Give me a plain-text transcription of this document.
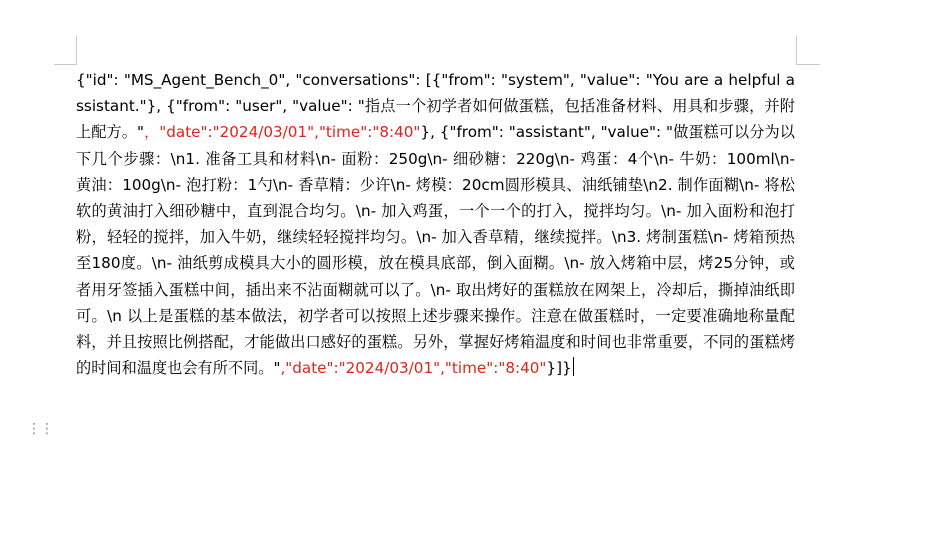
⋮⋮
{"id": "MS_Agent_Bench_0", "conversations": [{"from": "system", "value": "You are a helpful assistant."}, {"from": "user", "value": "指点一个初学者如何做蛋糕，包括准备材料、用具和步骤，并附上配方。"，"date":"2024/03/01","time":"8:40"}, {"from": "assistant", "value": "做蛋糕可以分为以下几个步骤：\n1. 准备工具和材料\n- 面粉：250g\n- 细砂糖：220g\n- 鸡蛋：4个\n- 牛奶：100ml\n- 黄油：100g\n- 泡打粉：1勺\n- 香草精：少许\n- 烤模：20cm圆形模具、油纸铺垫\n2. 制作面糊\n- 将松软的黄油打入细砂糖中，直到混合均匀。\n- 加入鸡蛋，一个一个的打入，搅拌均匀。\n- 加入面粉和泡打粉，轻轻的搅拌，加入牛奶，继续轻轻搅拌均匀。\n- 加入香草精，继续搅拌。\n3. 烤制蛋糕\n- 烤箱预热至180度。\n- 油纸剪成模具大小的圆形模，放在模具底部，倒入面糊。\n- 放入烤箱中层，烤25分钟，或者用牙签插入蛋糕中间，插出来不沾面糊就可以了。\n- 取出烤好的蛋糕放在网架上，冷却后，撕掉油纸即可。\n 以上是蛋糕的基本做法，初学者可以按照上述步骤来操作。注意在做蛋糕时，一定要准确地称量配料，并且按照比例搭配，才能做出口感好的蛋糕。另外，掌握好烤箱温度和时间也非常重要，不同的蛋糕烤的时间和温度也会有所不同。","date":"2024/03/01","time":"8:40"}]}
